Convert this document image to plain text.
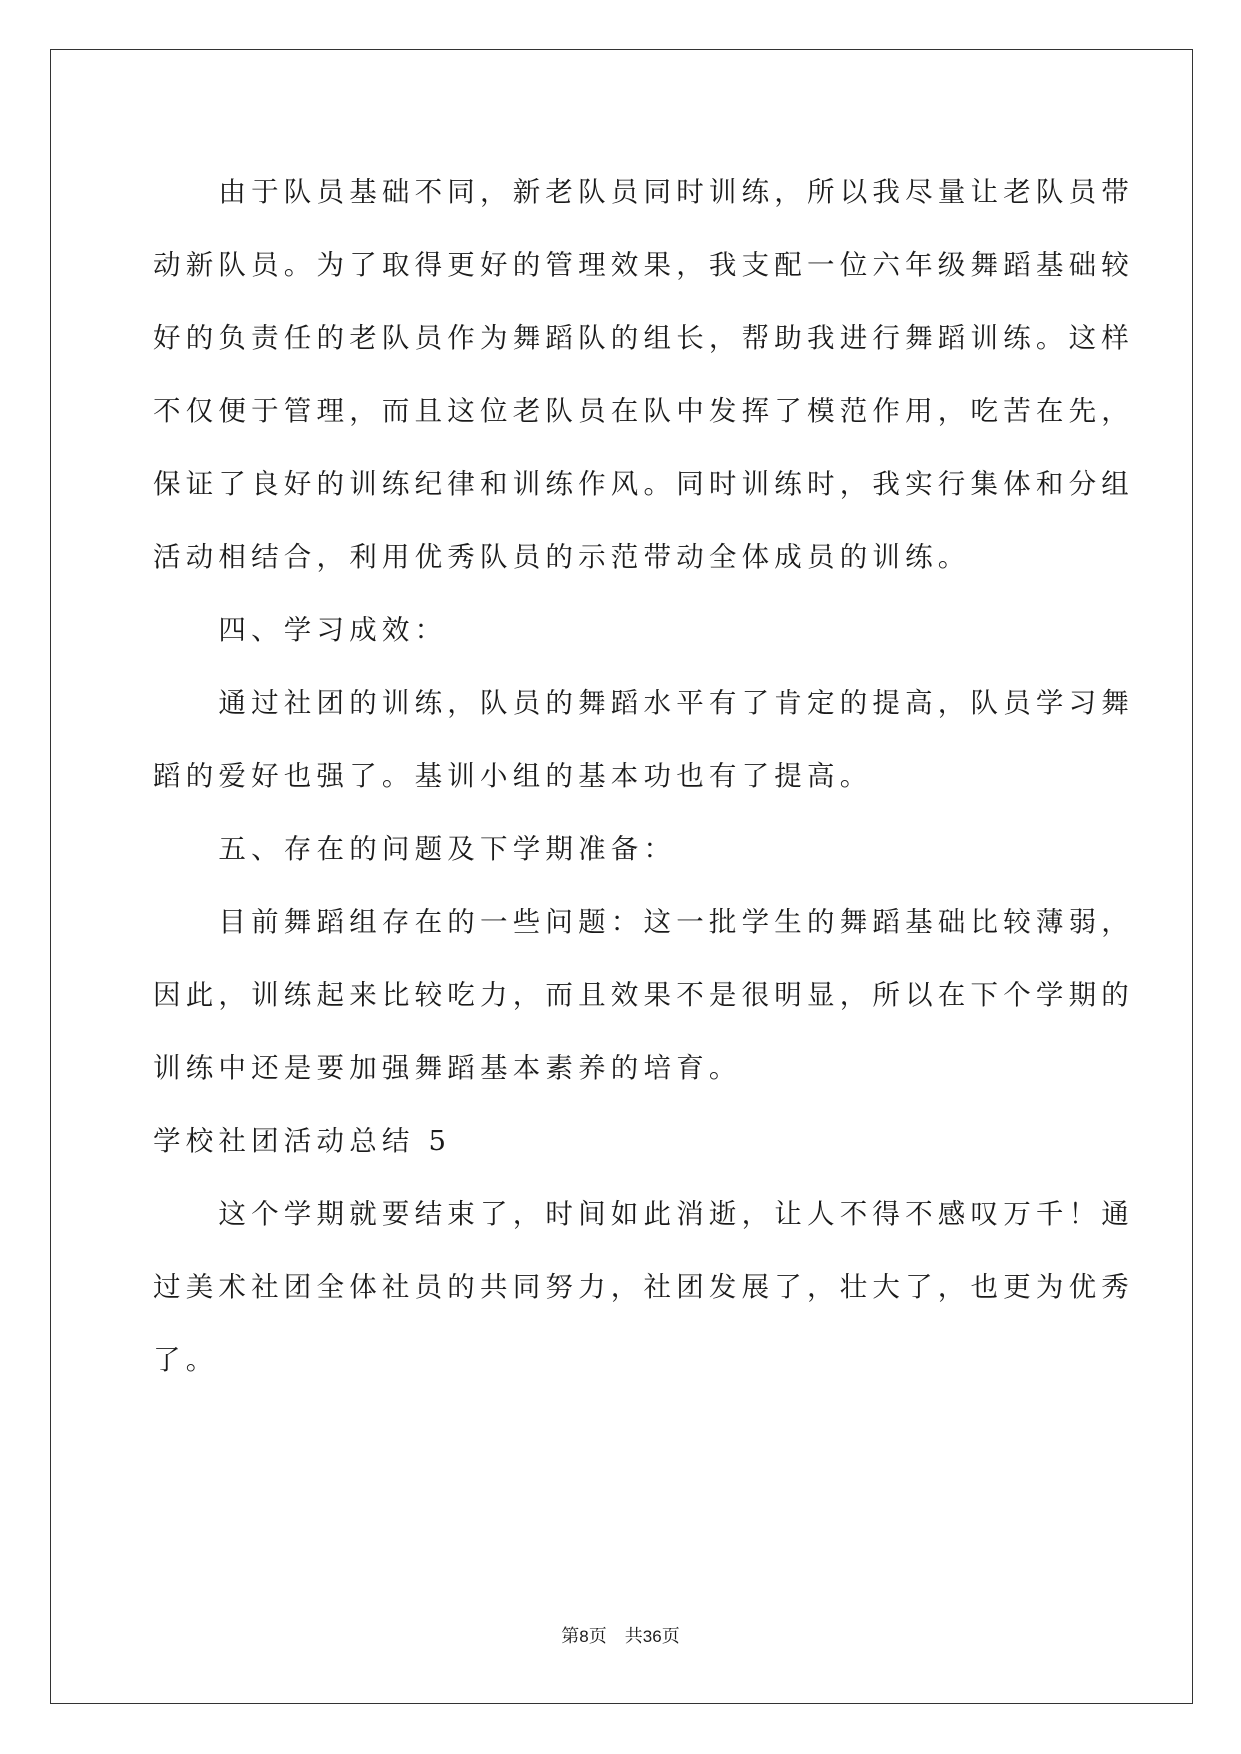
　　由于队员基础不同，新老队员同时训练，所以我尽量让老队员带
动新队员。为了取得更好的管理效果，我支配一位六年级舞蹈基础较
好的负责任的老队员作为舞蹈队的组长，帮助我进行舞蹈训练。这样
不仅便于管理，而且这位老队员在队中发挥了模范作用，吃苦在先，
保证了良好的训练纪律和训练作风。同时训练时，我实行集体和分组
活动相结合，利用优秀队员的示范带动全体成员的训练。
　　四、学习成效：
　　通过社团的训练，队员的舞蹈水平有了肯定的提高，队员学习舞
蹈的爱好也强了。基训小组的基本功也有了提高。
　　五、存在的问题及下学期准备：
　　目前舞蹈组存在的一些问题：这一批学生的舞蹈基础比较薄弱，
因此，训练起来比较吃力，而且效果不是很明显，所以在下个学期的
训练中还是要加强舞蹈基本素养的培育。
学校社团活动总结 5
　　这个学期就要结束了，时间如此消逝，让人不得不感叹万千！通
过美术社团全体社员的共同努力，社团发展了，壮大了，也更为优秀
了。
第8页 共36页
